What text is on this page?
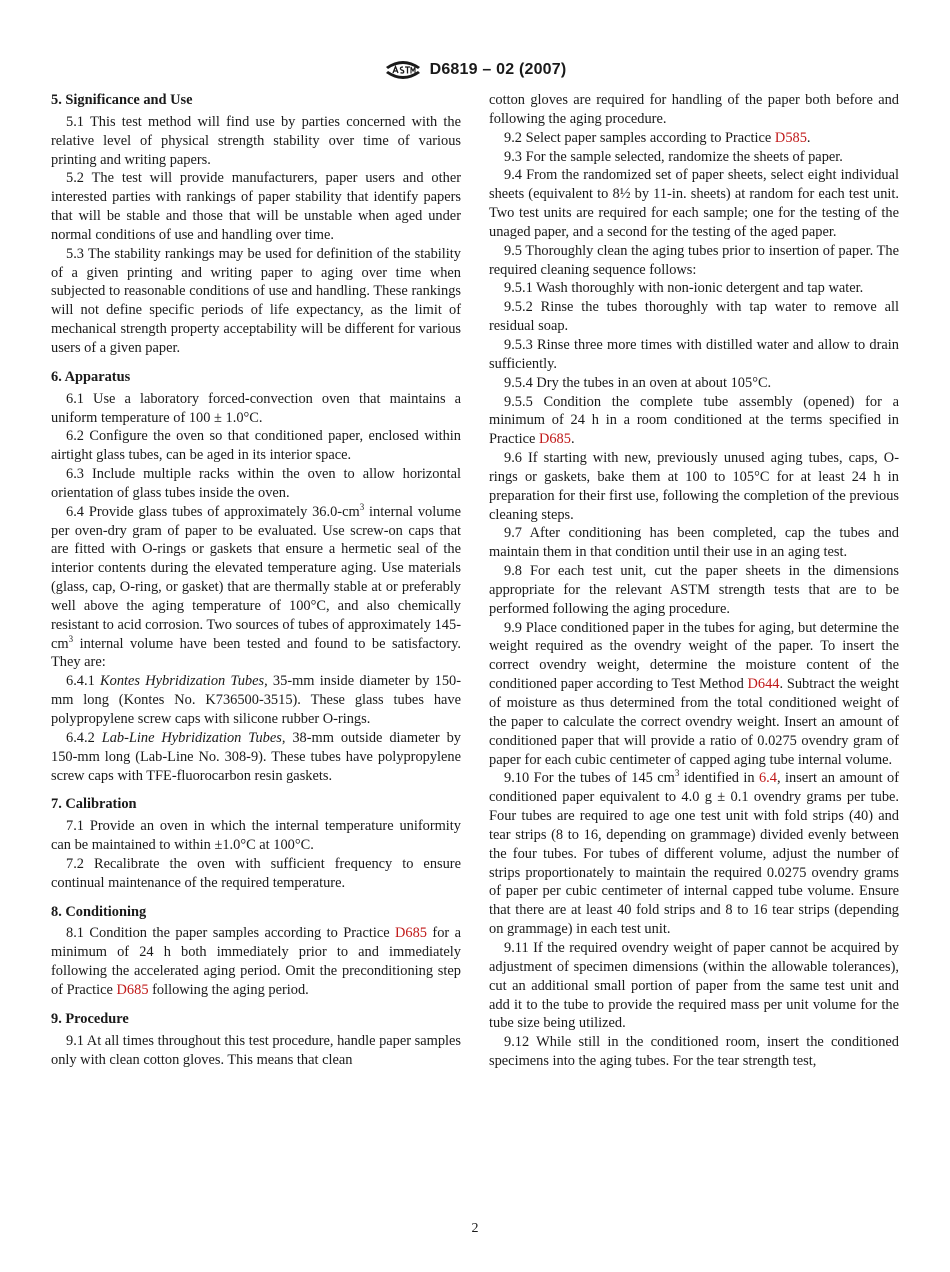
D6819 – 02 (2007)
5. Significance and Use

5.1 This test method will find use by parties concerned with the relative level of physical strength stability over time of various printing and writing papers.

5.2 The test will provide manufacturers, paper users and other interested parties with rankings of paper stability that identify papers that will be stable and those that will be unstable when aged under normal conditions of use and handling over time.

5.3 The stability rankings may be used for definition of the stability of a given printing and writing paper to aging over time when subjected to reasonable conditions of use and handling. These rankings will not define specific periods of life expectancy, as the limit of mechanical strength property acceptability will be different for various users of a given paper.

6. Apparatus

6.1 Use a laboratory forced-convection oven that maintains a uniform temperature of 100 ± 1.0°C.

6.2 Configure the oven so that conditioned paper, enclosed within airtight glass tubes, can be aged in its interior space.

6.3 Include multiple racks within the oven to allow horizontal orientation of glass tubes inside the oven.

6.4 Provide glass tubes of approximately $36.0-cm^3$ internal volume per oven-dry gram of paper to be evaluated. Use screw-on caps that are fitted with O-rings or gaskets that ensure a hermetic seal of the interior contents during the elevated temperature aging. Use materials (glass, cap, O-ring, or gasket) that are thermally stable at or preferably well above the aging temperature of 100°C, and also chemically resistant to acid corrosion. Two sources of tubes of approximately $145-cm^3$ internal volume have been tested and found to be satisfactory. They are:

6.4.1 Kontes Hybridization Tubes, 35-mm inside diameter by 150-mm long (Kontes No. K736500-3515). These glass tubes have polypropylene screw caps with silicone rubber O-rings.

6.4.2 Lab-Line Hybridization Tubes, 38-mm outside diameter by 150-mm long (Lab-Line No. 308-9). These tubes have polypropylene screw caps with TFE-fluorocarbon resin gaskets.

7. Calibration

7.1 Provide an oven in which the internal temperature uniformity can be maintained to within ±1.0°C at 100°C.

7.2 Recalibrate the oven with sufficient frequency to ensure continual maintenance of the required temperature.

8. Conditioning

8.1 Condition the paper samples according to Practice D685 for a minimum of 24 h both immediately prior to and immediately following the accelerated aging period. Omit the preconditioning step of Practice D685 following the aging period.

9. Procedure

9.1 At all times throughout this test procedure, handle paper samples only with clean cotton gloves. This means that clean

cotton gloves are required for handling of the paper both before and following the aging procedure.

9.2 Select paper samples according to Practice D585.

9.3 For the sample selected, randomize the sheets of paper.

9.4 From the randomized set of paper sheets, select eight individual sheets (equivalent to 8½ by 11-in. sheets) at random for each test unit. Two test units are required for each sample; one for the testing of the unaged paper, and a second for the testing of the aged paper.

9.5 Thoroughly clean the aging tubes prior to insertion of paper. The required cleaning sequence follows:

9.5.1 Wash thoroughly with non-ionic detergent and tap water.

9.5.2 Rinse the tubes thoroughly with tap water to remove all residual soap.

9.5.3 Rinse three more times with distilled water and allow to drain sufficiently.

9.5.4 Dry the tubes in an oven at about 105°C.

9.5.5 Condition the complete tube assembly (opened) for a minimum of 24 h in a room conditioned at the terms specified in Practice D685.

9.6 If starting with new, previously unused aging tubes, caps, O-rings or gaskets, bake them at 100 to 105°C for at least 24 h in preparation for their first use, following the completion of the previous cleaning steps.

9.7 After conditioning has been completed, cap the tubes and maintain them in that condition until their use in an aging test.

9.8 For each test unit, cut the paper sheets in the dimensions appropriate for the relevant ASTM strength tests that are to be performed following the aging procedure.

9.9 Place conditioned paper in the tubes for aging, but determine the weight required as the ovendry weight of the paper. To insert the correct ovendry weight, determine the moisture content of the conditioned paper according to Test Method D644. Subtract the weight of moisture as thus determined from the total conditioned weight of the paper to calculate the correct ovendry weight. Insert an amount of conditioned paper that will provide a ratio of 0.0275 ovendry gram of paper for each cubic centimeter of capped aging tube internal volume.

9.10 For the tubes of 145 $cm^3$ identified in 6.4, insert an amount of conditioned paper equivalent to 4.0 g ± 0.1 ovendry grams per tube. Four tubes are required to age one test unit with fold strips (40) and tear strips (8 to 16, depending on grammage) divided evenly between the four tubes. For tubes of different volume, adjust the number of strips proportionately to maintain the required 0.0275 ovendry grams of paper per cubic centimeter of internal capped tube volume. Ensure that there are at least 40 fold strips and 8 to 16 tear strips (depending on grammage) in each test unit.

9.11 If the required ovendry weight of paper cannot be acquired by adjustment of specimen dimensions (within the allowable tolerances), cut an additional small portion of paper from the same test unit and add it to the tube to provide the required mass per unit volume for the tube size being utilized.

9.12 While still in the conditioned room, insert the conditioned specimens into the aging tubes. For the tear strength test,

2
